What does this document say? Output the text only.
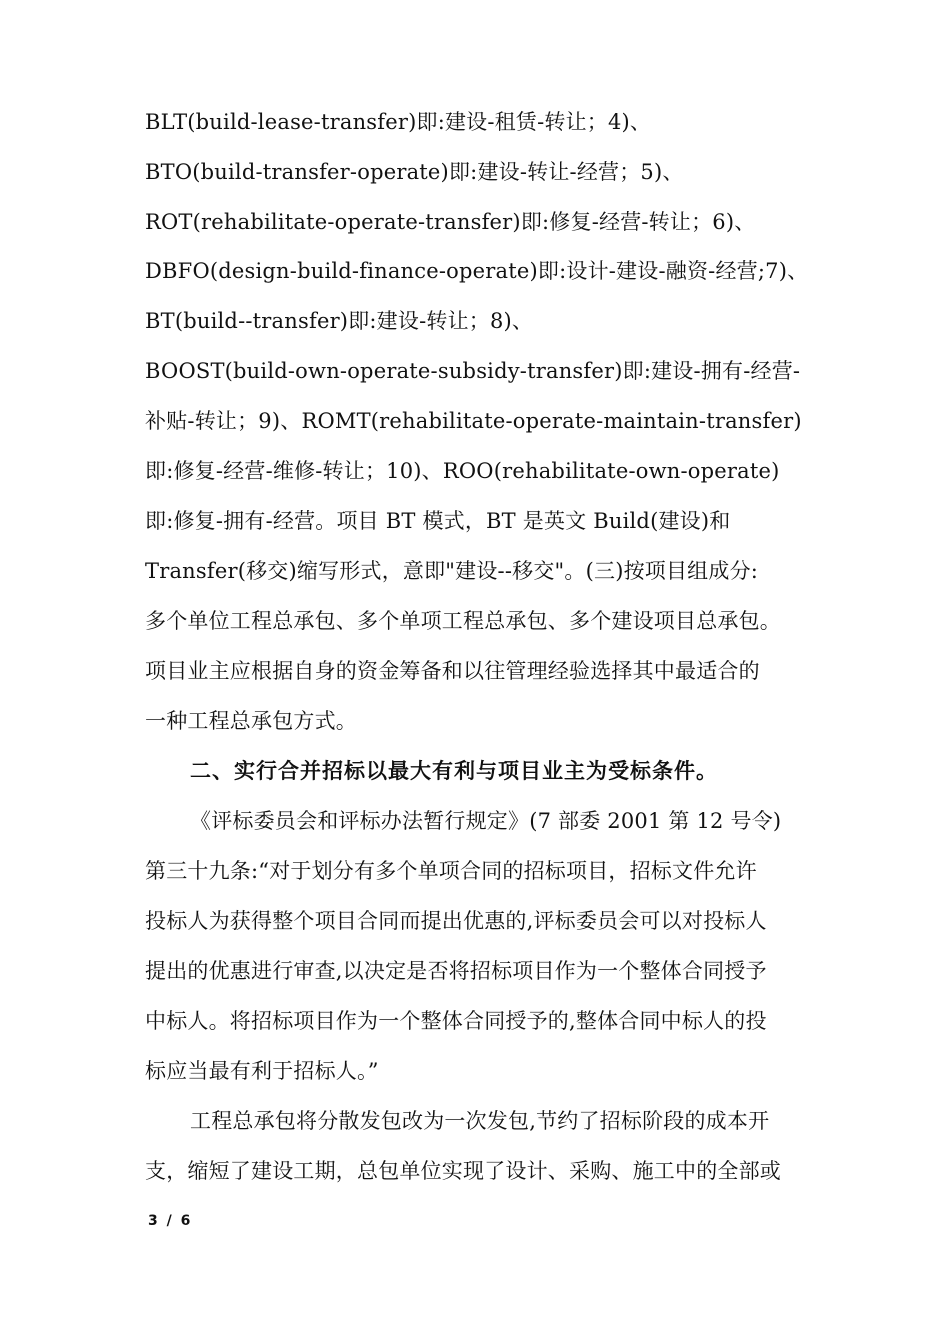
BLT(build-lease-transfer)即:建设-租赁-转让；4)、
BTO(build-transfer-operate)即:建设-转让-经营；5)、
ROT(rehabilitate-operate-transfer)即:修复-经营-转让；6)、
DBFO(design-build-finance-operate)即:设计-建设-融资-经营;7)、
BT(build--transfer)即:建设-转让；8)、
BOOST(build-own-operate-subsidy-transfer)即:建设-拥有-经营-
补贴-转让；9)、ROMT(rehabilitate-operate-maintain-transfer)
即:修复-经营-维修-转让；10)、ROO(rehabilitate-own-operate)
即:修复-拥有-经营。项目 BT 模式，BT 是英文 Build(建设)和
Transfer(移交)缩写形式，意即"建设--移交"。(三)按项目组成分:
多个单位工程总承包、多个单项工程总承包、多个建设项目总承包。
项目业主应根据自身的资金筹备和以往管理经验选择其中最适合的
一种工程总承包方式。
二、实行合并招标以最大有利与项目业主为受标条件。
《评标委员会和评标办法暂行规定》(7 部委 2001 第 12 号令)
第三十九条:“对于划分有多个单项合同的招标项目，招标文件允许
投标人为获得整个项目合同而提出优惠的,评标委员会可以对投标人
提出的优惠进行审查,以决定是否将招标项目作为一个整体合同授予
中标人。将招标项目作为一个整体合同授予的,整体合同中标人的投
标应当最有利于招标人。”
工程总承包将分散发包改为一次发包,节约了招标阶段的成本开
支，缩短了建设工期，总包单位实现了设计、采购、施工中的全部或
3 / 6
